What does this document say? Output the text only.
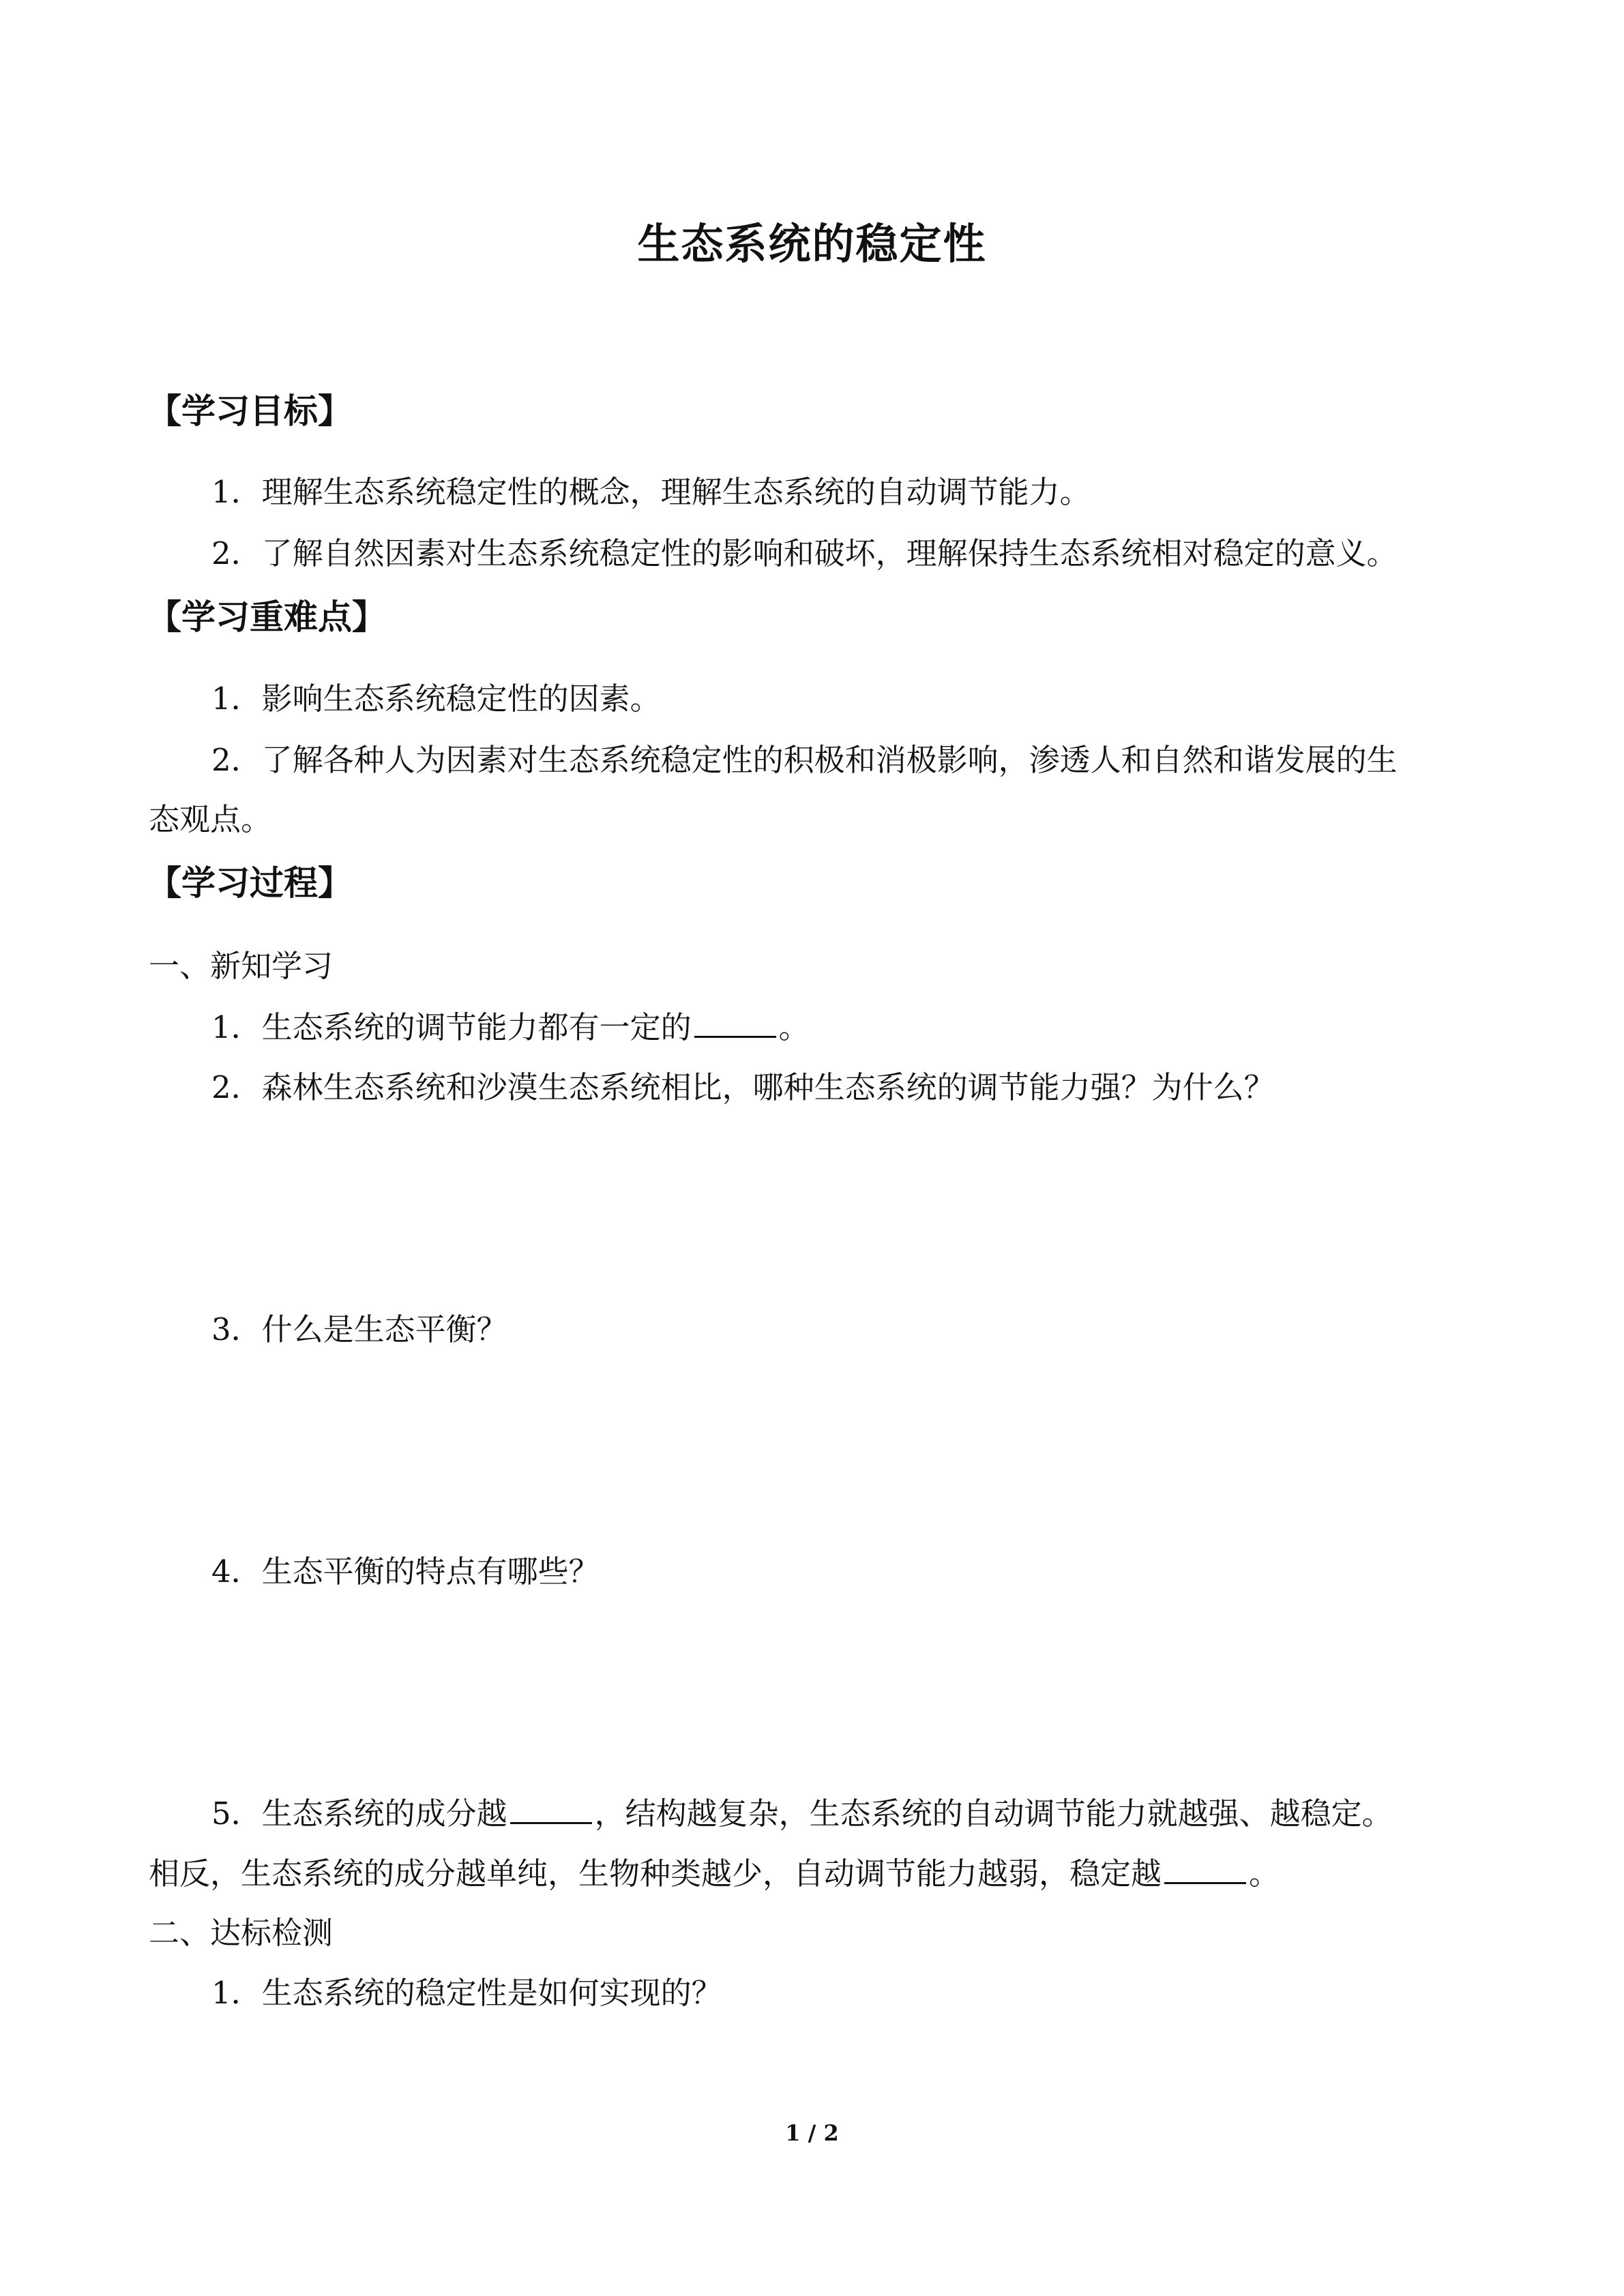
生态系统的稳定性
【学习目标】
1．理解生态系统稳定性的概念，理解生态系统的自动调节能力。
2．了解自然因素对生态系统稳定性的影响和破坏，理解保持生态系统相对稳定的意义。
【学习重难点】
1．影响生态系统稳定性的因素。
2．了解各种人为因素对生态系统稳定性的积极和消极影响，渗透人和自然和谐发展的生
态观点。
【学习过程】
一、新知学习
1．生态系统的调节能力都有一定的	。
2．森林生态系统和沙漠生态系统相比，哪种生态系统的调节能力强？为什么？
3．什么是生态平衡？
4．生态平衡的特点有哪些？
5．生态系统的成分越	，结构越复杂，生态系统的自动调节能力就越强、越稳定。
相反，生态系统的成分越单纯，生物种类越少，自动调节能力越弱，稳定越	。
二、达标检测
1．生态系统的稳定性是如何实现的？
1 / 2
